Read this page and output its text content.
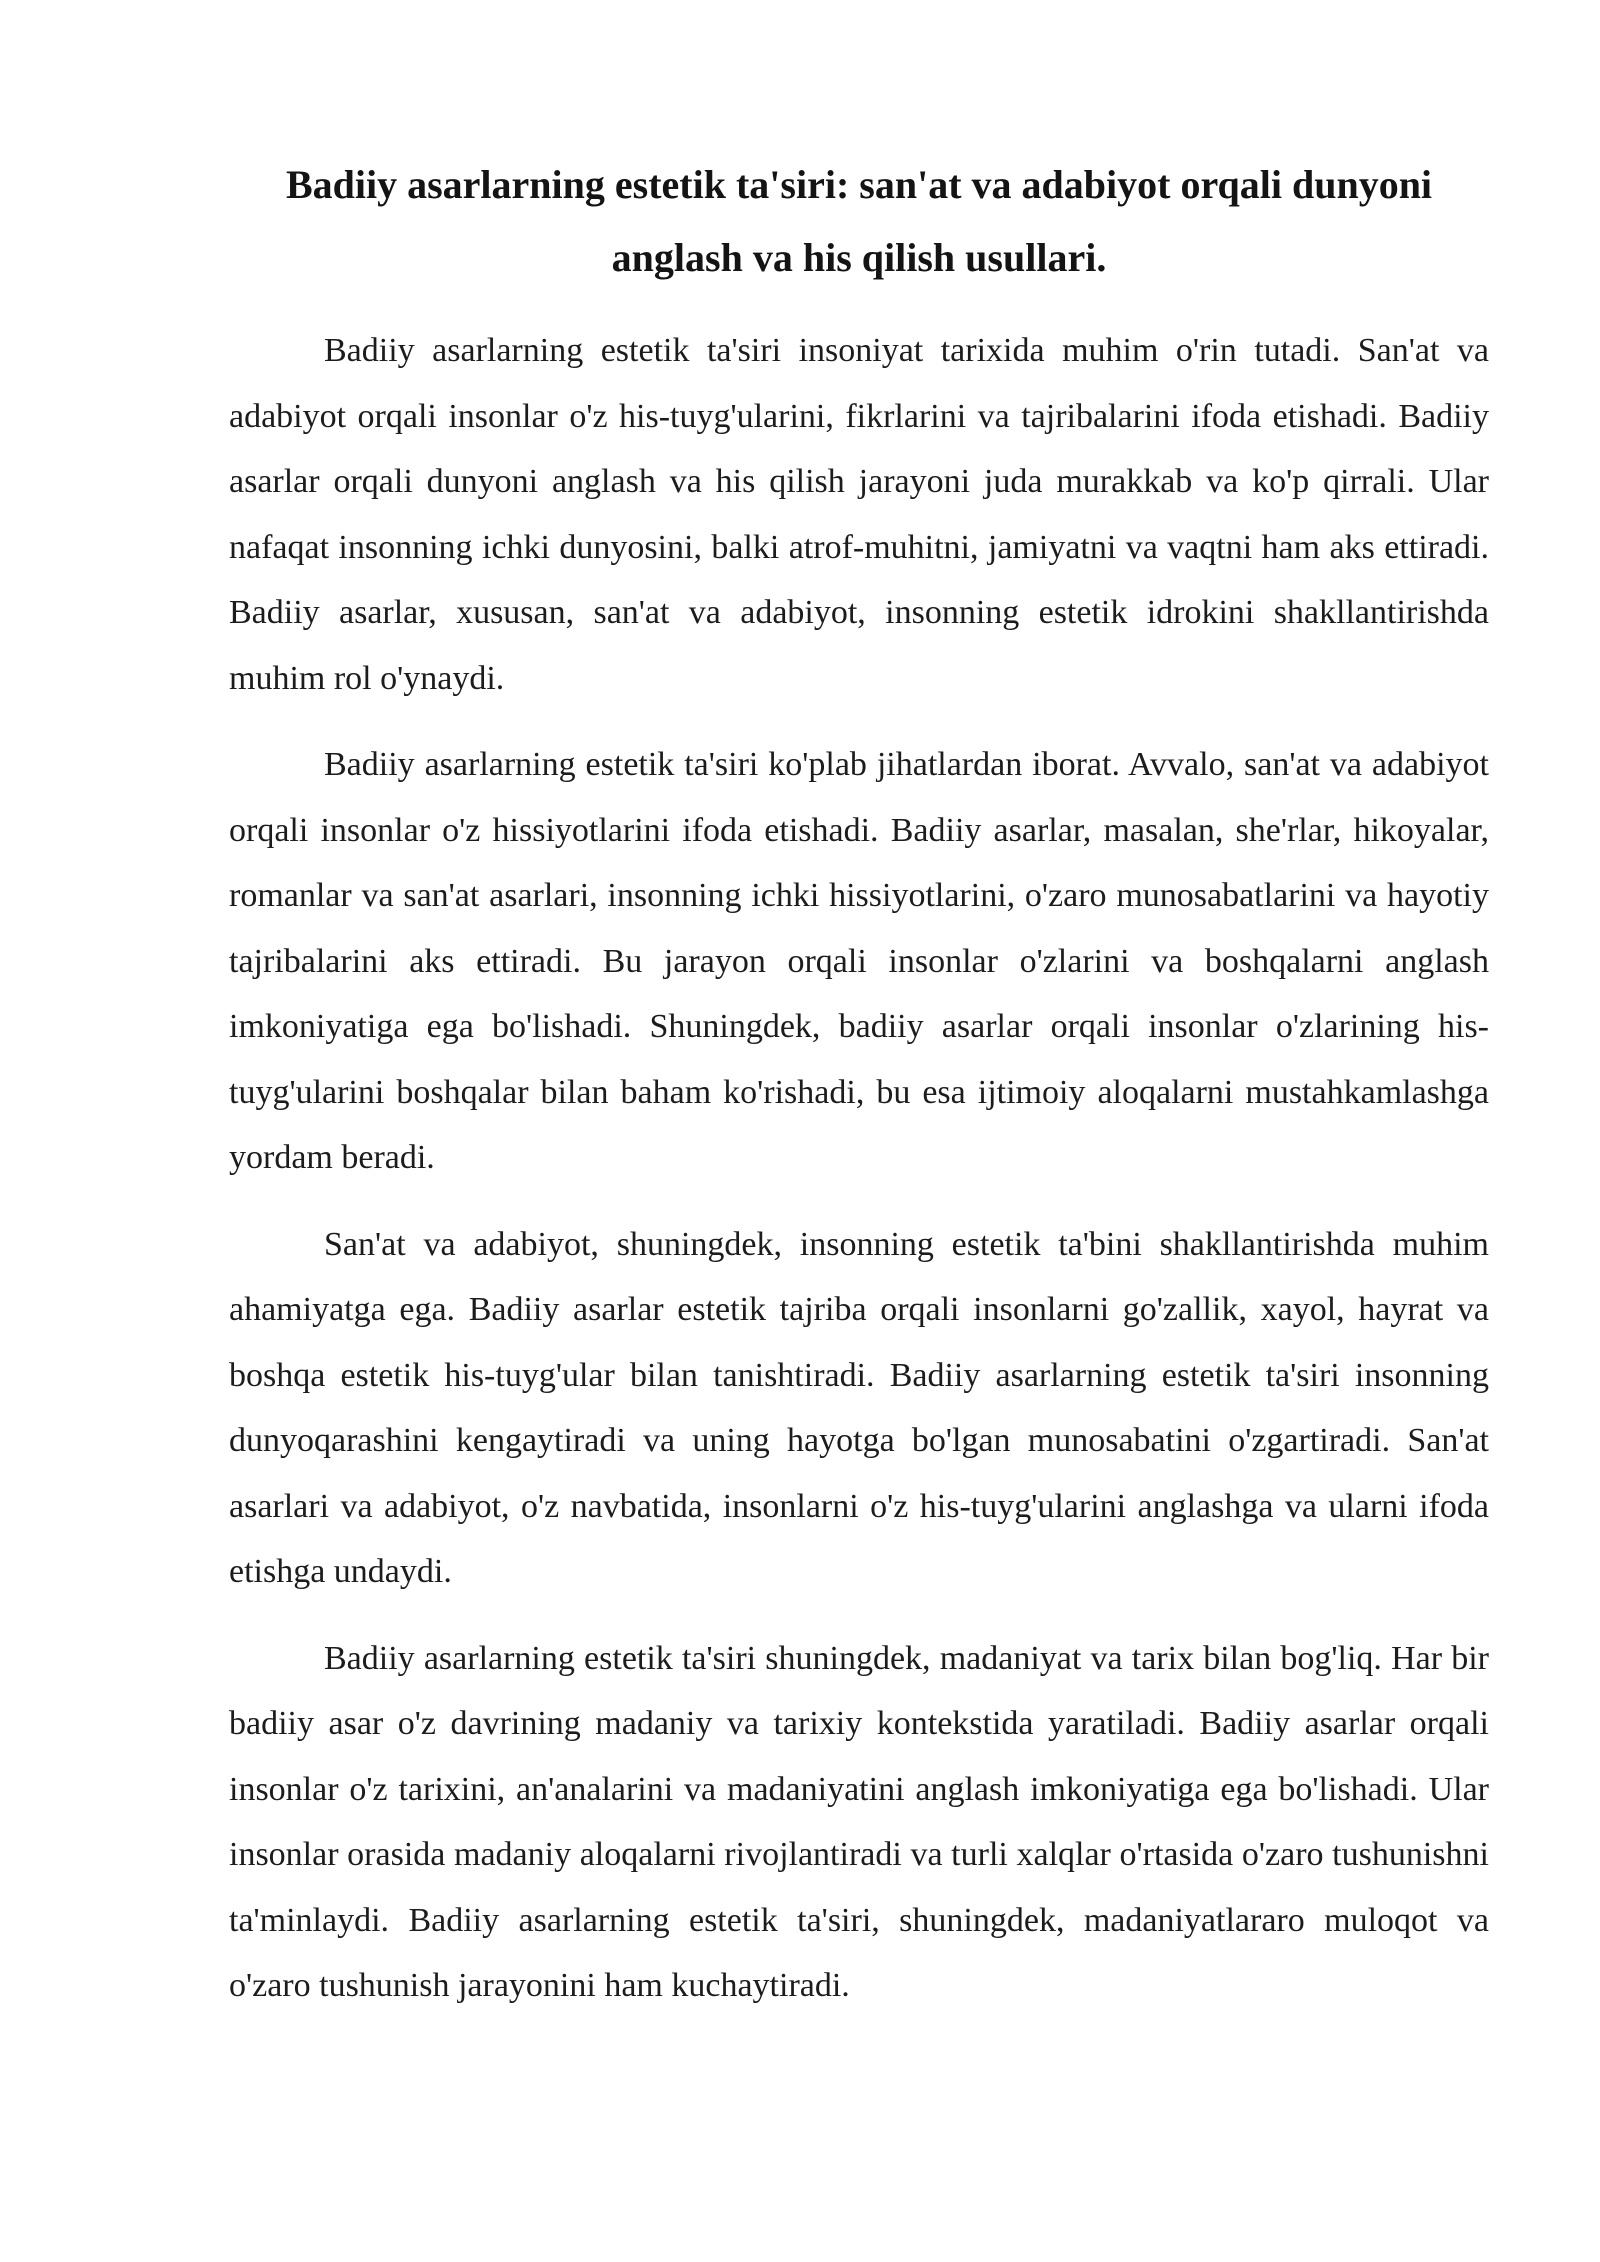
Badiiy asarlarning estetik ta'siri: san'at va adabiyot orqali dunyoni anglash va his qilish usullari.

Badiiy asarlarning estetik ta'siri insoniyat tarixida muhim o'rin tutadi. San'at va adabiyot orqali insonlar o'z his-tuyg'ularini, fikrlarini va tajribalarini ifoda etishadi. Badiiy asarlar orqali dunyoni anglash va his qilish jarayoni juda murakkab va ko'p qirrali. Ular nafaqat insonning ichki dunyosini, balki atrof-muhitni, jamiyatni va vaqtni ham aks ettiradi. Badiiy asarlar, xususan, san'at va adabiyot, insonning estetik idrokini shakllantirishda muhim rol o'ynaydi.

Badiiy asarlarning estetik ta'siri ko'plab jihatlardan iborat. Avvalo, san'at va adabiyot orqali insonlar o'z hissiyotlarini ifoda etishadi. Badiiy asarlar, masalan, she'rlar, hikoyalar, romanlar va san'at asarlari, insonning ichki hissiyotlarini, o'zaro munosabatlarini va hayotiy tajribalarini aks ettiradi. Bu jarayon orqali insonlar o'zlarini va boshqalarni anglash imkoniyatiga ega bo'lishadi. Shuningdek, badiiy asarlar orqali insonlar o'zlarining his-tuyg'ularini boshqalar bilan baham ko'rishadi, bu esa ijtimoiy aloqalarni mustahkamlashga yordam beradi.

San'at va adabiyot, shuningdek, insonning estetik ta'bini shakllantirishda muhim ahamiyatga ega. Badiiy asarlar estetik tajriba orqali insonlarni go'zallik, xayol, hayrat va boshqa estetik his-tuyg'ular bilan tanishtiradi. Badiiy asarlarning estetik ta'siri insonning dunyoqarashini kengaytiradi va uning hayotga bo'lgan munosabatini o'zgartiradi. San'at asarlari va adabiyot, o'z navbatida, insonlarni o'z his-tuyg'ularini anglashga va ularni ifoda etishga undaydi.

Badiiy asarlarning estetik ta'siri shuningdek, madaniyat va tarix bilan bog'liq. Har bir badiiy asar o'z davrining madaniy va tarixiy kontekstida yaratiladi. Badiiy asarlar orqali insonlar o'z tarixini, an'analarini va madaniyatini anglash imkoniyatiga ega bo'lishadi. Ular insonlar orasida madaniy aloqalarni rivojlantiradi va turli xalqlar o'rtasida o'zaro tushunishni ta'minlaydi. Badiiy asarlarning estetik ta'siri, shuningdek, madaniyatlararo muloqot va o'zaro tushunish jarayonini ham kuchaytiradi.
